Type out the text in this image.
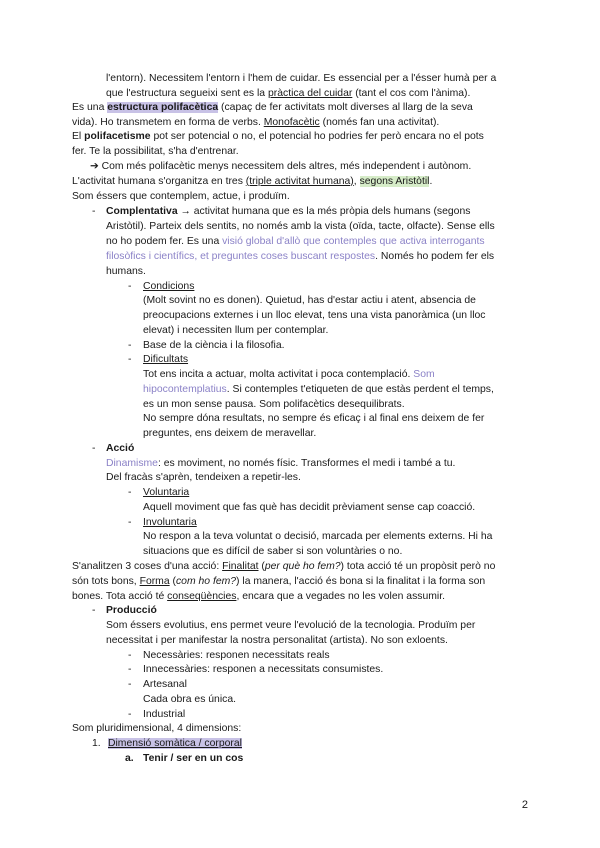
l'entorn). Necessitem l'entorn i l'hem de cuidar. Es essencial per a l'ésser humà per a
que l'estructura segueixi sent es la pràctica del cuidar (tant el cos com l'ànima).
Es una estructura polifacètica (capaç de fer activitats molt diverses al llarg de la seva
vida). Ho transmetem en forma de verbs. Monofacètic (només fan una activitat).
El polifacetisme pot ser potencial o no, el potencial ho podries fer però encara no el pots
fer. Te la possibilitat, s'ha d'entrenar.
➔ Com més polifacètic menys necessitem dels altres, més independent i autònom.
L'activitat humana s'organitza en tres (triple activitat humana), segons Aristòtil.
Som éssers que contemplem, actue, i produïm.
- Complentativa → activitat humana que es la més pròpia dels humans (segons
Aristòtil). Parteix dels sentits, no només amb la vista (oïda, tacte, olfacte). Sense ells
no ho podem fer. Es una visió global d'allò que contemples que activa interrogants
filosòfics i científics, et preguntes coses buscant respostes. Només ho podem fer els
humans.
- Condicions
(Molt sovint no es donen). Quietud, has d'estar actiu i atent, absencia de
preocupacions externes i un lloc elevat, tens una vista panoràmica (un lloc
elevat) i necessiten llum per contemplar.
- Base de la ciència i la filosofia.
- Dificultats
Tot ens incita a actuar, molta activitat i poca contemplació. Som
hipocontemplatius. Si contemples t'etiqueten de que estàs perdent el temps,
es un mon sense pausa. Som polifacètics desequilibrats.
No sempre dóna resultats, no sempre és eficaç i al final ens deixem de fer
preguntes, ens deixem de meravellar.
- Acció
Dinamisme: es moviment, no només físic. Transformes el medi i també a tu.
Del fracàs s'aprèn, tendeixen a repetir-les.
- Voluntaria
Aquell moviment que fas què has decidit prèviament sense cap coacció.
- Involuntaria
No respon a la teva voluntat o decisió, marcada per elements externs. Hi ha
situacions que es difícil de saber si son voluntàries o no.
S'analitzen 3 coses d'una acció: Finalitat (per què ho fem?) tota acció té un propòsit però no
són tots bons, Forma (com ho fem?) la manera, l'acció és bona si la finalitat i la forma son
bones. Tota acció té conseqüències, encara que a vegades no les volen assumir.
- Producció
Som éssers evolutius, ens permet veure l'evolució de la tecnologia. Produïm per
necessitat i per manifestar la nostra personalitat (artista). No son exloents.
- Necessàries: responen necessitats reals
- Innecessàries: responen a necessitats consumistes.
- Artesanal
Cada obra es única.
- Industrial
Som pluridimensional, 4 dimensions:
1. Dimensió somàtica / corporal
a. Tenir / ser en un cos
2
